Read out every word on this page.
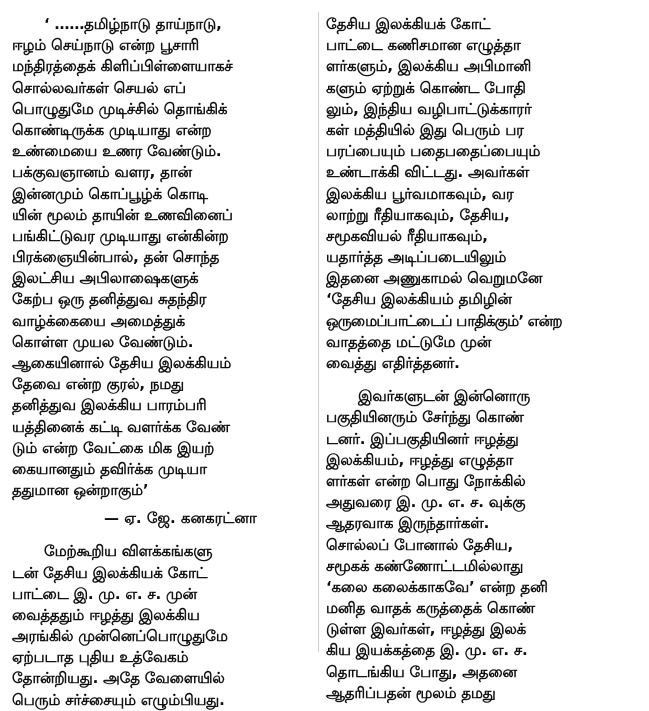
‘ ……தமிழ்நாடு தாய்நாடு,
ஈழம் செய்நாடு என்ற பூசாரி
மந்திரத்தைக் கிளிப்பிள்ளையாகச்
சொல்லவர்கள் செயல் எப்
பொழுதுமே முடிச்சில் தொங்கிக்
கொண்டிருக்க முடியாது என்ற
உண்மையை உணர வேண்டும்.
பக்குவஞானம் வளர, தான்
இன்னமும் கொப்பூழ்க் கொடி
யின் மூலம் தாயின் உணவினைப்
பங்கிட்டுவர முடியாது என்கின்ற
பிரக்ஞையின்பால், தன் சொந்த
இலட்சிய அபிலாஷைகளுக்
கேற்ப ஒரு தனித்துவ சுதந்திர
வாழ்க்கையை அமைத்துக்
கொள்ள முயல வேண்டும்.
ஆகையினால் தேசிய இலக்கியம்
தேவை என்ற குரல், நமது
தனித்துவ இலக்கிய பாரம்பரி
யத்தினைக் கட்டி வளர்க்க வேண்
டும் என்ற வேட்கை மிக இயற்
கையானதும் தவிர்க்க முடியா
ததுமான ஒன்றாகும்’
— ஏ. ஜே. கனகரட்னா
மேற்கூறிய விளக்கங்களு
டன் தேசிய இலக்கியக் கோட்
பாட்டை இ. மு. எ. ச. முன்
வைத்ததும் ஈழத்து இலக்கிய
அரங்கில் முன்னெப்பொழுதுமே
ஏற்படாத புதிய உத்வேகம்
தோன்றியது. அதே வேளையில்
பெரும் சர்ச்சையும் எழும்பியது.
தேசிய இலக்கியக் கோட்
பாட்டை கணிசமான எழுத்தா
ளர்களும், இலக்கிய அபிமானி
களும் ஏற்றுக் கொண்ட போதி
லும், இந்திய வழிபாட்டுக்காரர்
கள் மத்தியில் இது பெரும் பர
பரப்பையும் பதைபதைப்பையும்
உண்டாக்கி விட்டது. அவர்கள்
இலக்கிய பூர்வமாகவும், வர
லாற்று ரீதியாகவும், தேசிய,
சமூகவியல் ரீதியாகவும்,
யதார்த்த அடிப்படையிலும்
இதனை அணுகாமல் வெறுமனே
‘தேசிய இலக்கியம் தமிழின்
ஒருமைப்பாட்டைப் பாதிக்கும்’ என்ற
வாதத்தை மட்டுமே முன்
வைத்து எதிர்த்தனர்.
இவர்களுடன் இன்னொரு
பகுதியினரும் சேர்ந்து கொண்
டனர். இப்பகுதியினர் ஈழத்து
இலக்கியம், ஈழத்து எழுத்தா
ளர்கள் என்ற பொது நோக்கில்
அதுவரை இ. மு. எ. ச. வுக்கு
ஆதரவாக இருந்தார்கள்.
சொல்லப் போனால் தேசிய,
சமூகக் கண்ணோட்டமில்லாது
‘கலை கலைக்காகவே’ என்ற தனி
மனித வாதக் கருத்தைக் கொண்
டுள்ள இவர்கள், ஈழத்து இலக்
கிய இயக்கத்தை இ. மு. எ. ச.
தொடங்கிய போது, அதனை
ஆதரிப்பதன் மூலம் தமது
